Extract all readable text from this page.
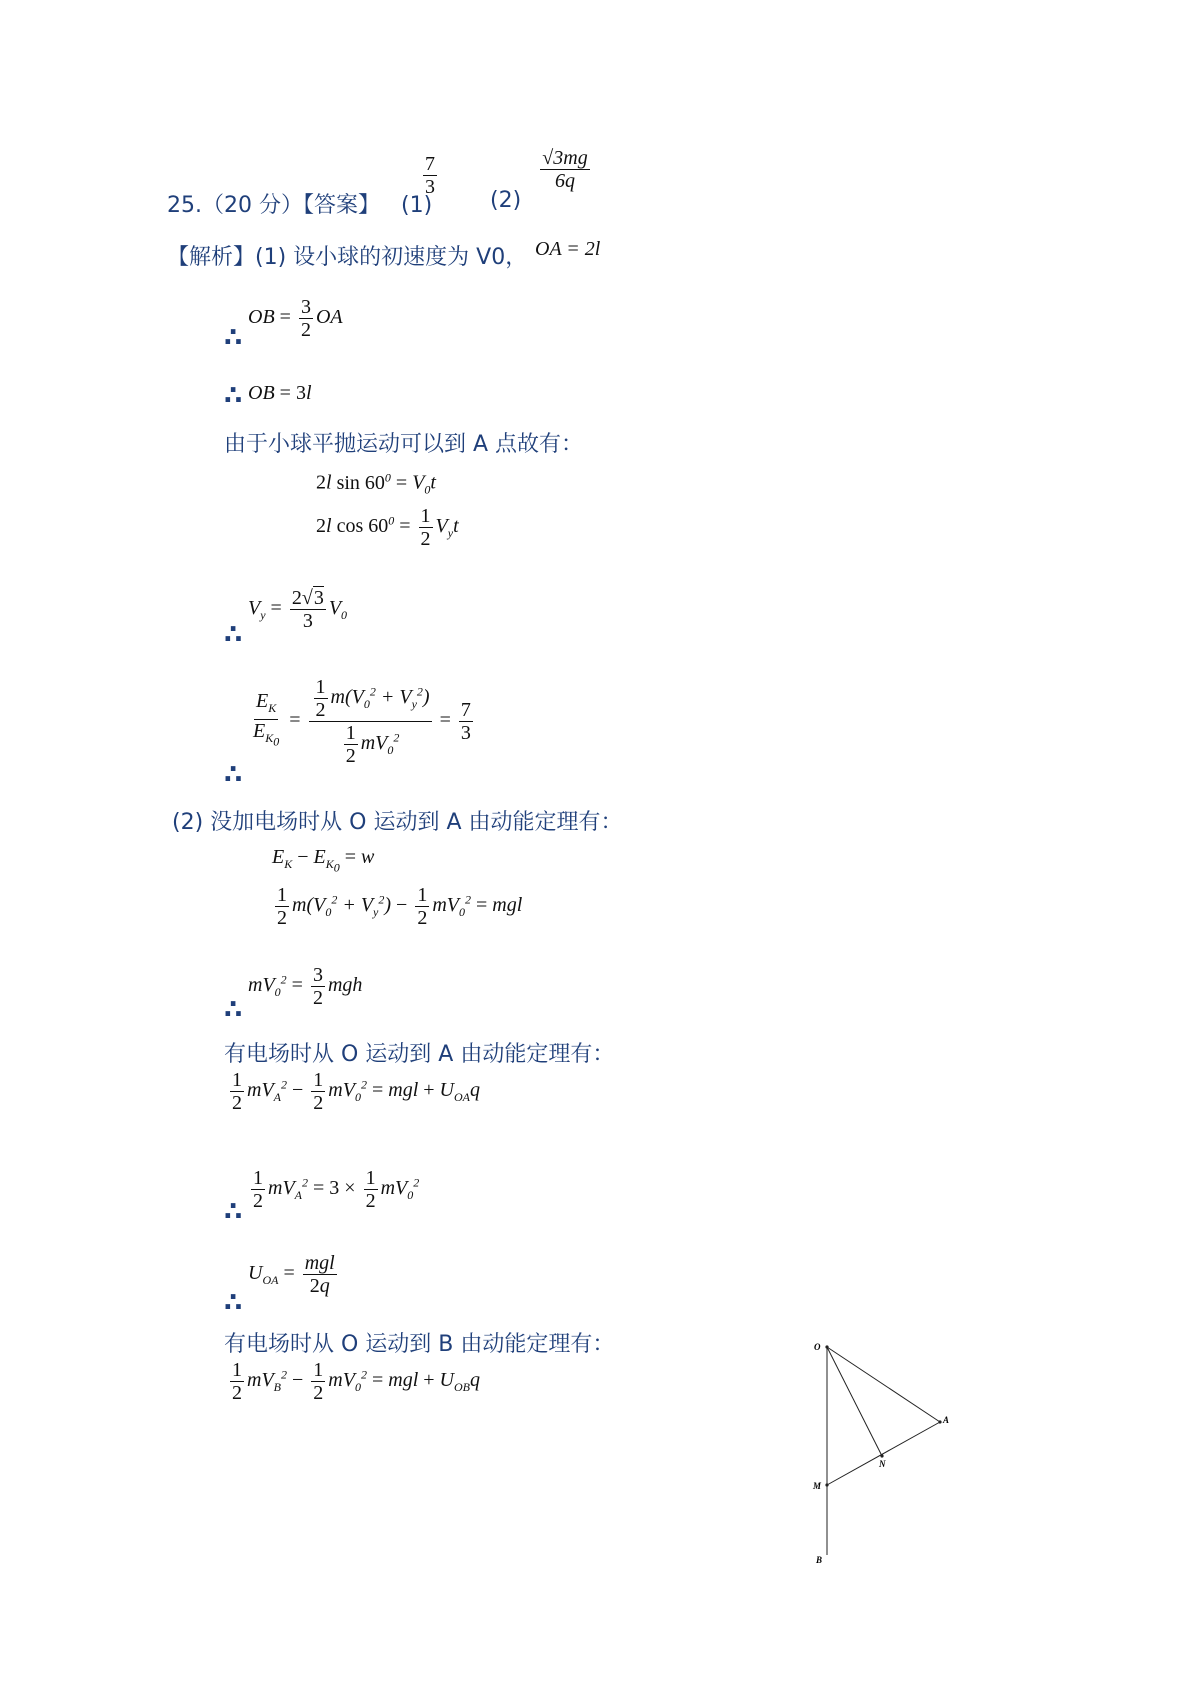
25.（20 分）【答案】 (1)
$\frac{7}{3}$
(2)
$\frac{√3mg}{6q}$
【解析】(1) 设小球的初速度为 V0， OA = 2l
∴
OB = $\frac{3}{2}$ OA
∴ OB = 3l
由于小球平抛运动可以到 A 点故有：
2l $\sin 60^0 = V_0t$
2l $\cos 60^0 = \frac{1}{2} V_yt$
∴
$V_y = \frac{2√3}{3} V_0$
∴
$\frac{E_K}{E_{K_0}} = \frac{\frac{1}{2} m(V_0^2 + V_y^2)}{\frac{1}{2} mV_0^2} = \frac{7}{3}$
(2) 没加电场时从 O 运动到 A 由动能定理有：
$E_K - E_{K_0} = w$
$\frac{1}{2} m(V_0^2 + V_y^2) - \frac{1}{2} mV_0^2$ = mgl
∴
$mV_0^2 = \frac{3}{2}$ mgh
有电场时从 O 运动到 A 由动能定理有：
$\frac{1}{2} mV_A^2 - \frac{1}{2} mV_0^2$ = mgl + $U_{OA}q$
∴ $\frac{1}{2} mV_A^2 = 3 \times \frac{1}{2} mV_0^2$
∴
$U_{OA} = \frac{\text{mgl}}{2q}$
有电场时从 O 运动到 B 由动能定理有：
$\frac{1}{2} mV_B^2 - \frac{1}{2} mV_0^2$ = mgl + $U_{OB}q$
O
A
N
M
B
